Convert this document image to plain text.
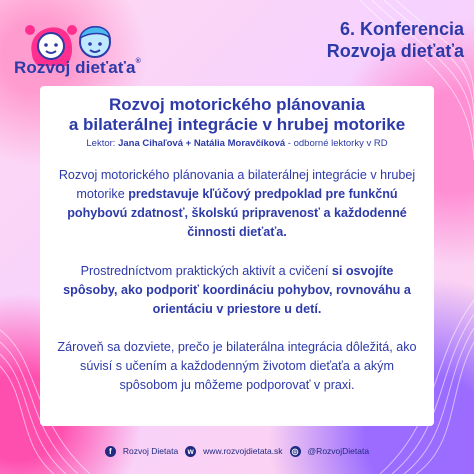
Rozvoj dieťaťa®
6. Konferencia
Rozvoja dieťaťa
Rozvoj motorického plánovania
a bilaterálnej integrácie v hrubej motorike
Lektor: Jana Cihaľová + Natália Moravčíková - odborné lektorky v RD
Rozvoj motorického plánovania a bilaterálnej integrácie v hrubej motorike predstavuje kľúčový predpoklad pre funkčnú pohybovú zdatnosť, školskú pripravenosť a každodenné činnosti dieťaťa.
Prostredníctvom praktických aktivít a cvičení si osvojíte spôsoby, ako podporiť koordináciu pohybov, rovnováhu a orientáciu v priestore u detí.
Zároveň sa dozviete, prečo je bilaterálna integrácia dôležitá, ako súvisí s učením a každodenným životom dieťaťa a akým spôsobom ju môžeme podporovať v praxi.
f	Rozvoj Dietata w www.rozvojdietata.sk ◎ @RozvojDietata
